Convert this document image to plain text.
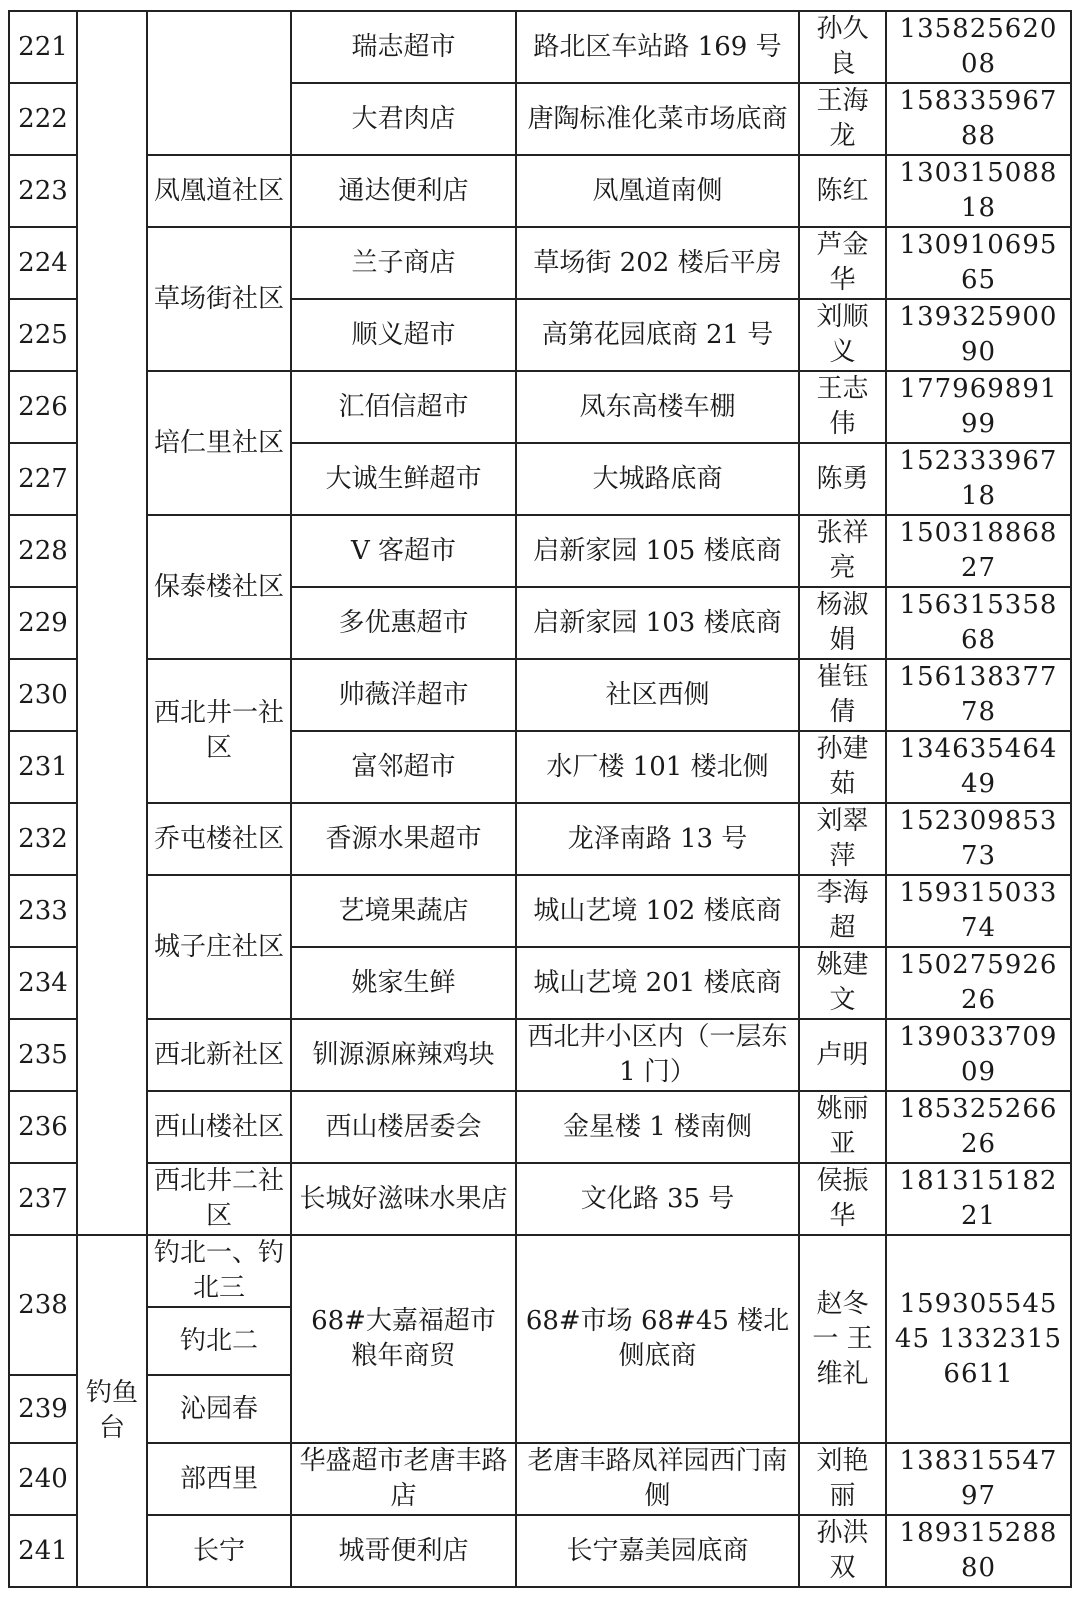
221			瑞志超市	路北区车站路 169 号	孙久良	13582562008
222			大君肉店	唐陶标准化菜市场底商	王海龙	15833596788
223		凤凰道社区	通达便利店	凤凰道南侧	陈红	13031508818
224		草场街社区	兰子商店	草场街 202 楼后平房	芦金华	13091069565
225			顺义超市	高第花园底商 21 号	刘顺义	13932590090
226		培仁里社区	汇佰信超市	凤东高楼车棚	王志伟	17796989199
227			大诚生鲜超市	大城路底商	陈勇	15233396718
228		保泰楼社区	V 客超市	启新家园 105 楼底商	张祥亮	15031886827
229			多优惠超市	启新家园 103 楼底商	杨淑娟	15631535868
230		西北井一社区	帅薇洋超市	社区西侧	崔钰倩	15613837778
231			富邻超市	水厂楼 101 楼北侧	孙建茹	13463546449
232		乔屯楼社区	香源水果超市	龙泽南路 13 号	刘翠萍	15230985373
233		城子庄社区	艺境果蔬店	城山艺境 102 楼底商	李海超	15931503374
234			姚家生鲜	城山艺境 201 楼底商	姚建文	15027592626
235		西北新社区	钏源源麻辣鸡块	西北井小区内（一层东 1 门）	卢明	13903370909
236		西山楼社区	西山楼居委会	金星楼 1 楼南侧	姚丽亚	18532526626
237		西北井二社区	长城好滋味水果店	文化路 35 号	侯振华	18131518221
238	钓鱼台	钓北一、钓北三	68#大嘉福超市 粮年商贸	68#市场 68#45 楼北侧底商	赵冬一 王维礼	15930554545 13323156611
		钓北二				
239		沁园春				
240		部西里	华盛超市老唐丰路店	老唐丰路凤祥园西门南侧	刘艳丽	13831554797
241		长宁	城哥便利店	长宁嘉美园底商	孙洪双	18931528880
